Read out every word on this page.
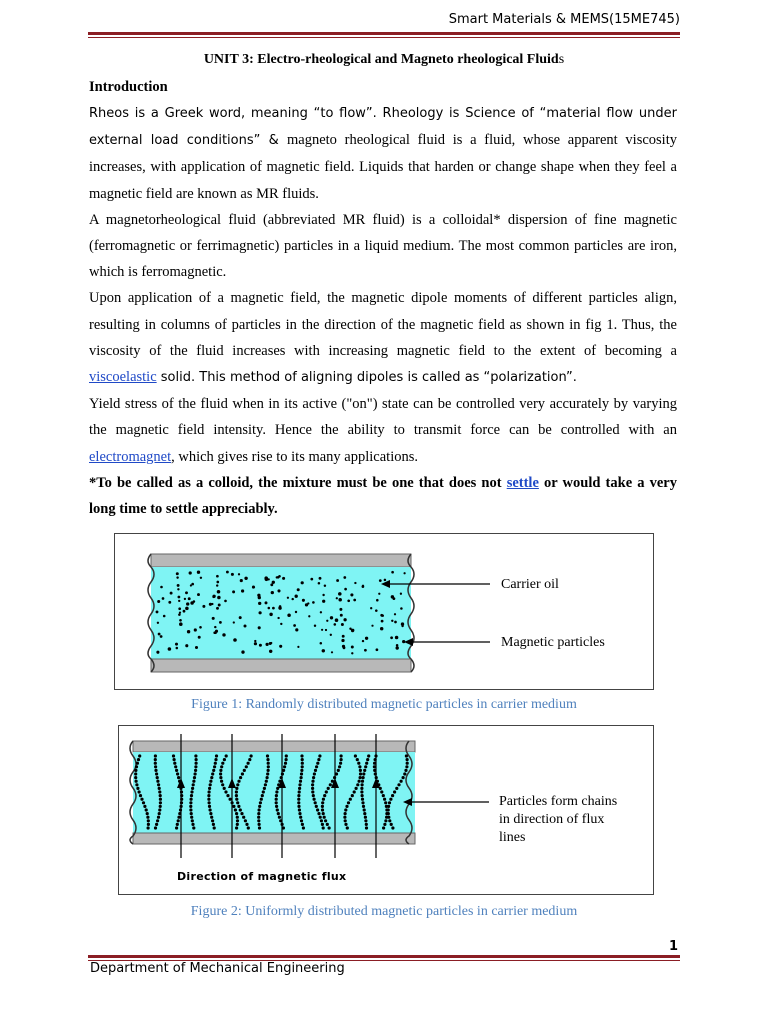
Smart Materials & MEMS(15ME745)
UNIT 3: Electro-rheological and Magneto rheological Fluids
Introduction

Rheos is a Greek word, meaning “to flow”. Rheology is Science of “material flow under external load conditions” & magneto rheological fluid is a fluid, whose apparent viscosity increases, with application of magnetic field. Liquids that harden or change shape when they feel a magnetic field are known as MR fluids.

A magnetorheological fluid (abbreviated MR fluid) is a colloidal* dispersion of fine magnetic (ferromagnetic or ferrimagnetic) particles in a liquid medium. The most common particles are iron, which is ferromagnetic.

Upon application of a magnetic field, the magnetic dipole moments of different particles align, resulting in columns of particles in the direction of the magnetic field as shown in fig 1. Thus, the viscosity of the fluid increases with increasing magnetic field to the extent of becoming a viscoelastic solid. This method of aligning dipoles is called as “polarization”.

Yield stress of the fluid when in its active ("on") state can be controlled very accurately by varying the magnetic field intensity. Hence the ability to transmit force can be controlled with an electromagnet, which gives rise to its many applications.

*To be called as a colloid, the mixture must be one that does not settle or would take a very long time to settle appreciably.

Carrier oil
Magnetic particles
Figure 1: Randomly distributed magnetic particles in carrier medium
Particles form chains
in direction of flux
lines
Direction of magnetic flux
Figure 2: Uniformly distributed magnetic particles in carrier medium
1
Department of Mechanical Engineering
